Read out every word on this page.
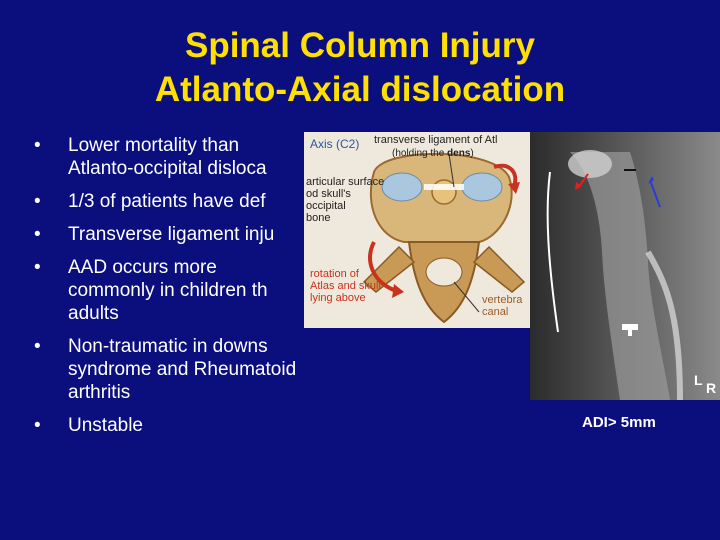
Spinal Column Injury
Atlanto-Axial dislocation
• Lower mortality than
Atlanto-occipital disloca
• 1/3 of patients have def
• Transverse ligament inju
• AAD occurs more
commonly in children th
adults
• Non-traumatic in downs
syndrome and Rheumatoid
arthritis
• Unstable
Axis (C2) transverse ligament of Atl
(holding the dens)
articular surface
od skull's
occipital
bone
rotation of
Atlas and skull
lying above	vertebra
canal
L R
ADI> 5mm
